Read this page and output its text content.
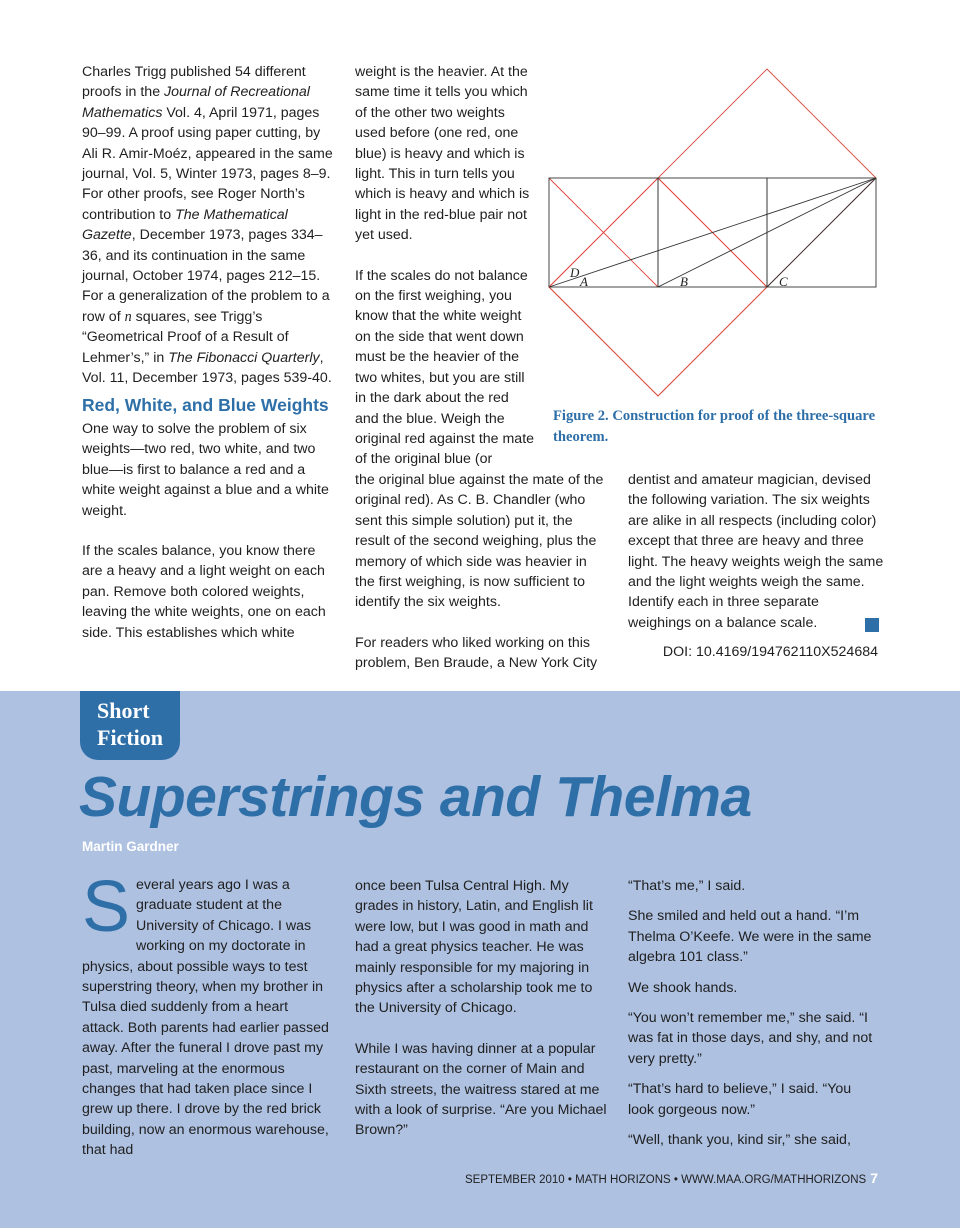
Charles Trigg published 54 different proofs in the Journal of Recreational Mathematics Vol. 4, April 1971, pages 90–99. A proof using paper cutting, by Ali R. Amir-Moéz, appeared in the same journal, Vol. 5, Winter 1973, pages 8–9. For other proofs, see Roger North’s contribution to The Mathematical Gazette, December 1973, pages 334–36, and its continuation in the same journal, October 1974, pages 212–15. For a generalization of the problem to a row of n squares, see Trigg’s “Geometrical Proof of a Result of Lehmer’s,” in The Fibonacci Quarterly, Vol. 11, December 1973, pages 539-40.

Red, White, and Blue Weights

One way to solve the problem of six weights—two red, two white, and two blue—is first to balance a red and a white weight against a blue and a white weight.

If the scales balance, you know there are a heavy and a light weight on each pan. Remove both colored weights, leaving the white weights, one on each side. This establishes which white

weight is the heavier. At the same time it tells you which of the other two weights used before (one red, one blue) is heavy and which is light. This in turn tells you which is heavy and which is light in the red-blue pair not yet used.

If the scales do not balance on the first weighing, you know that the white weight on the side that went down must be the heavier of the two whites, but you are still in the dark about the red and the blue. Weigh the original red against the mate of the original blue (or

the original blue against the mate of the original red). As C. B. Chandler (who sent this simple solution) put it, the result of the second weighing, plus the memory of which side was heavier in the first weighing, is now sufficient to identify the six weights.

For readers who liked working on this problem, Ben Braude, a New York City

dentist and amateur magician, devised the following variation. The six weights are alike in all respects (including color) except that three are heavy and three light. The heavy weights weigh the same and the light weights weigh the same. Identify each in three separate weighings on a balance scale.

DOI: 10.4169/194762110X524684
D
A	B	C
Figure 2. Construction for proof of the three-square theorem.
Short
Fiction
Superstrings and Thelma
Martin Gardner

Several years ago I was a graduate student at the University of Chicago. I was working on my doctorate in physics, about possible ways to test superstring theory, when my brother in Tulsa died suddenly from a heart attack. Both parents had earlier passed away. After the funeral I drove past my past, marveling at the enormous changes that had taken place since I grew up there. I drove by the red brick building, now an enormous warehouse, that had

once been Tulsa Central High. My grades in history, Latin, and English lit were low, but I was good in math and had a great physics teacher. He was mainly responsible for my majoring in physics after a scholarship took me to the University of Chicago.

While I was having dinner at a popular restaurant on the corner of Main and Sixth streets, the waitress stared at me with a look of surprise. “Are you Michael Brown?”

“That’s me,” I said.

She smiled and held out a hand. “I’m Thelma O’Keefe. We were in the same algebra 101 class.”

We shook hands.

“You won’t remember me,” she said. “I was fat in those days, and shy, and not very pretty.”

“That’s hard to believe,” I said. “You look gorgeous now.”

“Well, thank you, kind sir,” she said,

SEPTEMBER 2010 • MATH HORIZONS • WWW.MAA.ORG/MATHHORIZONS 7
